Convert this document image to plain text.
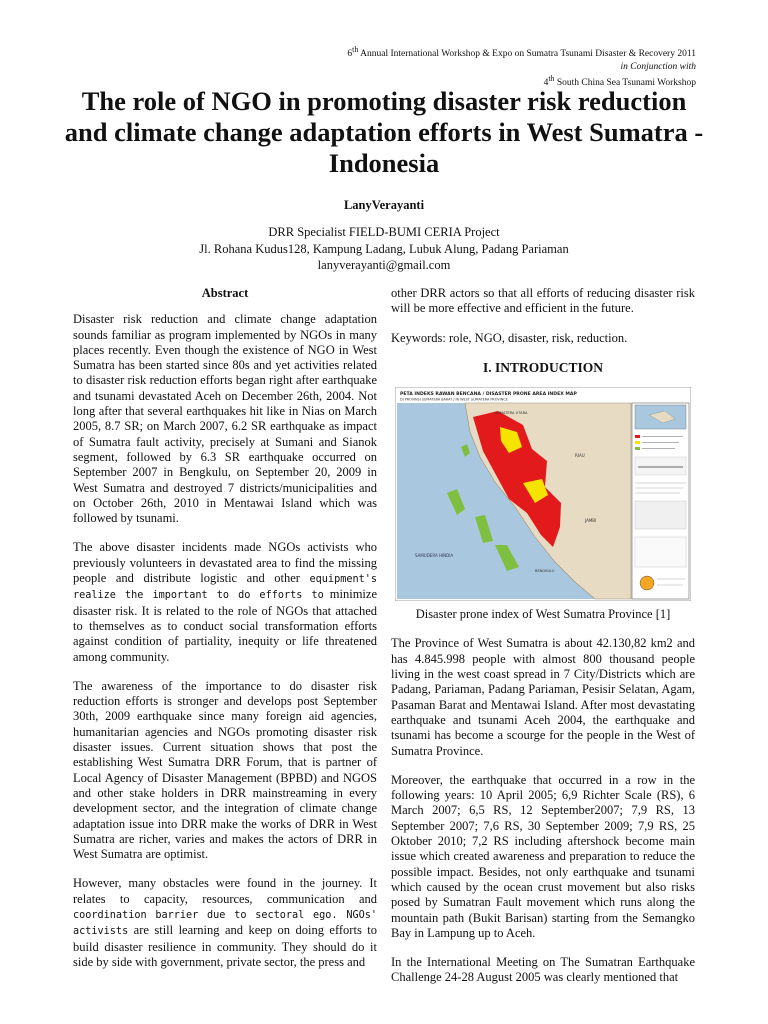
6th Annual International Workshop & Expo on Sumatra Tsunami Disaster & Recovery 2011
in Conjunction with
4th South China Sea Tsunami Workshop
The role of NGO in promoting disaster risk reduction and climate change adaptation efforts in West Sumatra - Indonesia
LanyVerayanti
DRR Specialist FIELD-BUMI CERIA Project
Jl. Rohana Kudus128, Kampung Ladang, Lubuk Alung, Padang Pariaman
lanyverayanti@gmail.com
Abstract

Disaster risk reduction and climate change adaptation sounds familiar as program implemented by NGOs in many places recently. Even though the existence of NGO in West Sumatra has been started since 80s and yet activities related to disaster risk reduction efforts began right after earthquake and tsunami devastated Aceh on December 26th, 2004. Not long after that several earthquakes hit like in Nias on March 2005, 8.7 SR; on March 2007, 6.2 SR earthquake as impact of Sumatra fault activity, precisely at Sumani and Sianok segment, followed by 6.3 SR earthquake occurred on September 2007 in Bengkulu, on September 20, 2009 in West Sumatra and destroyed 7 districts/municipalities and on October 26th, 2010 in Mentawai Island which was followed by tsunami.

The above disaster incidents made NGOs activists who previously volunteers in devastated area to find the missing people and distribute logistic and other equipment's realize the important to do efforts to minimize disaster risk. It is related to the role of NGOs that attached to themselves as to conduct social transformation efforts against condition of partiality, inequity or life threatened among community.

The awareness of the importance to do disaster risk reduction efforts is stronger and develops post September 30th, 2009 earthquake since many foreign aid agencies, humanitarian agencies and NGOs promoting disaster risk disaster issues. Current situation shows that post the establishing West Sumatra DRR Forum, that is partner of Local Agency of Disaster Management (BPBD) and NGOS and other stake holders in DRR mainstreaming in every development sector, and the integration of climate change adaptation issue into DRR make the works of DRR in West Sumatra are richer, varies and makes the actors of DRR in West Sumatra are optimist.

However, many obstacles were found in the journey. It relates to capacity, resources, communication and coordination barrier due to sectoral ego. NGOs' activists are still learning and keep on doing efforts to build disaster resilience in community. They should do it side by side with government, private sector, the press and

other DRR actors so that all efforts of reducing disaster risk will be more effective and efficient in the future.

Keywords: role, NGO, disaster, risk, reduction.

I. INTRODUCTION
PETA INDEKS RAWAN BENCANA / DISASTER PRONE AREA INDEX MAP
DI PROVINSI SUMATERA BARAT / IN WEST SUMATERA PROVINCE
SUMATERA UTARA
RIAU
JAMBI
BENGKULU
SAMUDERA HINDIA
Disaster prone index of West Sumatra Province [1]

The Province of West Sumatra is about 42.130,82 km2 and has 4.845.998 people with almost 800 thousand people living in the west coast spread in 7 City/Districts which are Padang, Pariaman, Padang Pariaman, Pesisir Selatan, Agam, Pasaman Barat and Mentawai Island. After most devastating earthquake and tsunami Aceh 2004, the earthquake and tsunami has become a scourge for the people in the West of Sumatra Province.

Moreover, the earthquake that occurred in a row in the following years: 10 April 2005; 6,9 Richter Scale (RS), 6 March 2007; 6,5 RS, 12 September2007; 7,9 RS, 13 September 2007; 7,6 RS, 30 September 2009; 7,9 RS, 25 Oktober 2010; 7,2 RS including aftershock become main issue which created awareness and preparation to reduce the possible impact. Besides, not only earthquake and tsunami which caused by the ocean crust movement but also risks posed by Sumatran Fault movement which runs along the mountain path (Bukit Barisan) starting from the Semangko Bay in Lampung up to Aceh.

In the International Meeting on The Sumatran Earthquake Challenge 24-28 August 2005 was clearly mentioned that
